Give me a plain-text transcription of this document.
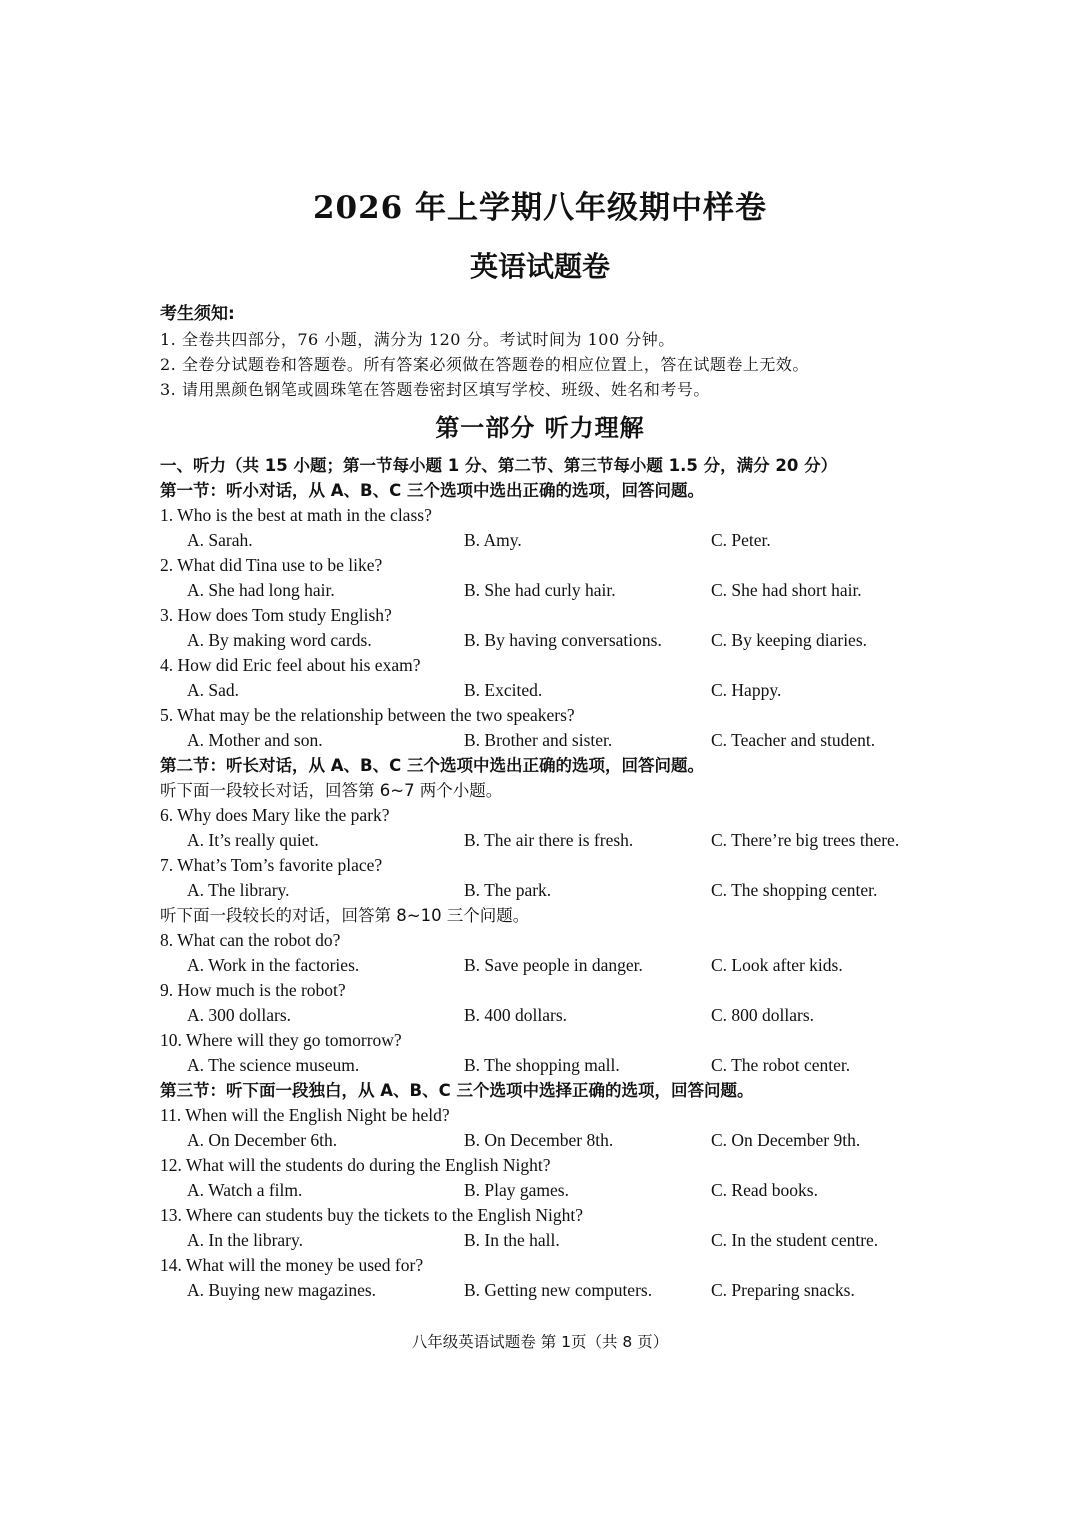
2026 年上学期八年级期中样卷
英语试题卷
考生须知:
1. 全卷共四部分，76 小题，满分为 120 分。考试时间为 100 分钟。
2. 全卷分试题卷和答题卷。所有答案必须做在答题卷的相应位置上，答在试题卷上无效。
3. 请用黑颜色钢笔或圆珠笔在答题卷密封区填写学校、班级、姓名和考号。
第一部分 听力理解
一、听力（共 15 小题；第一节每小题 1 分、第二节、第三节每小题 1.5 分，满分 20 分）
第一节：听小对话，从 A、B、C 三个选项中选出正确的选项，回答问题。
1. Who is the best at math in the class?
A. Sarah.	B. Amy.	C. Peter.
2. What did Tina use to be like?
A. She had long hair.	B. She had curly hair.	C. She had short hair.
3. How does Tom study English?
A. By making word cards.	B. By having conversations.	C. By keeping diaries.
4. How did Eric feel about his exam?
A. Sad.	B. Excited.	C. Happy.
5. What may be the relationship between the two speakers?
A. Mother and son.	B. Brother and sister.	C. Teacher and student.
第二节：听长对话，从 A、B、C 三个选项中选出正确的选项，回答问题。
听下面一段较长对话，回答第 6~7 两个小题。
6. Why does Mary like the park?
A. It’s really quiet.	B. The air there is fresh.	C. There’re big trees there.
7. What’s Tom’s favorite place?
A. The library.	B. The park.	C. The shopping center.
听下面一段较长的对话，回答第 8~10 三个问题。
8. What can the robot do?
A. Work in the factories.	B. Save people in danger.	C. Look after kids.
9. How much is the robot?
A. 300 dollars.	B. 400 dollars.	C. 800 dollars.
10. Where will they go tomorrow?
A. The science museum.	B. The shopping mall.	C. The robot center.
第三节：听下面一段独白，从 A、B、C 三个选项中选择正确的选项，回答问题。
11. When will the English Night be held?
A. On December 6th.	B. On December 8th.	C. On December 9th.
12. What will the students do during the English Night?
A. Watch a film.	B. Play games.	C. Read books.
13. Where can students buy the tickets to the English Night?
A. In the library.	B. In the hall.	C. In the student centre.
14. What will the money be used for?
A. Buying new magazines.	B. Getting new computers.	C. Preparing snacks.
八年级英语试题卷 第 1页（共 8 页）
